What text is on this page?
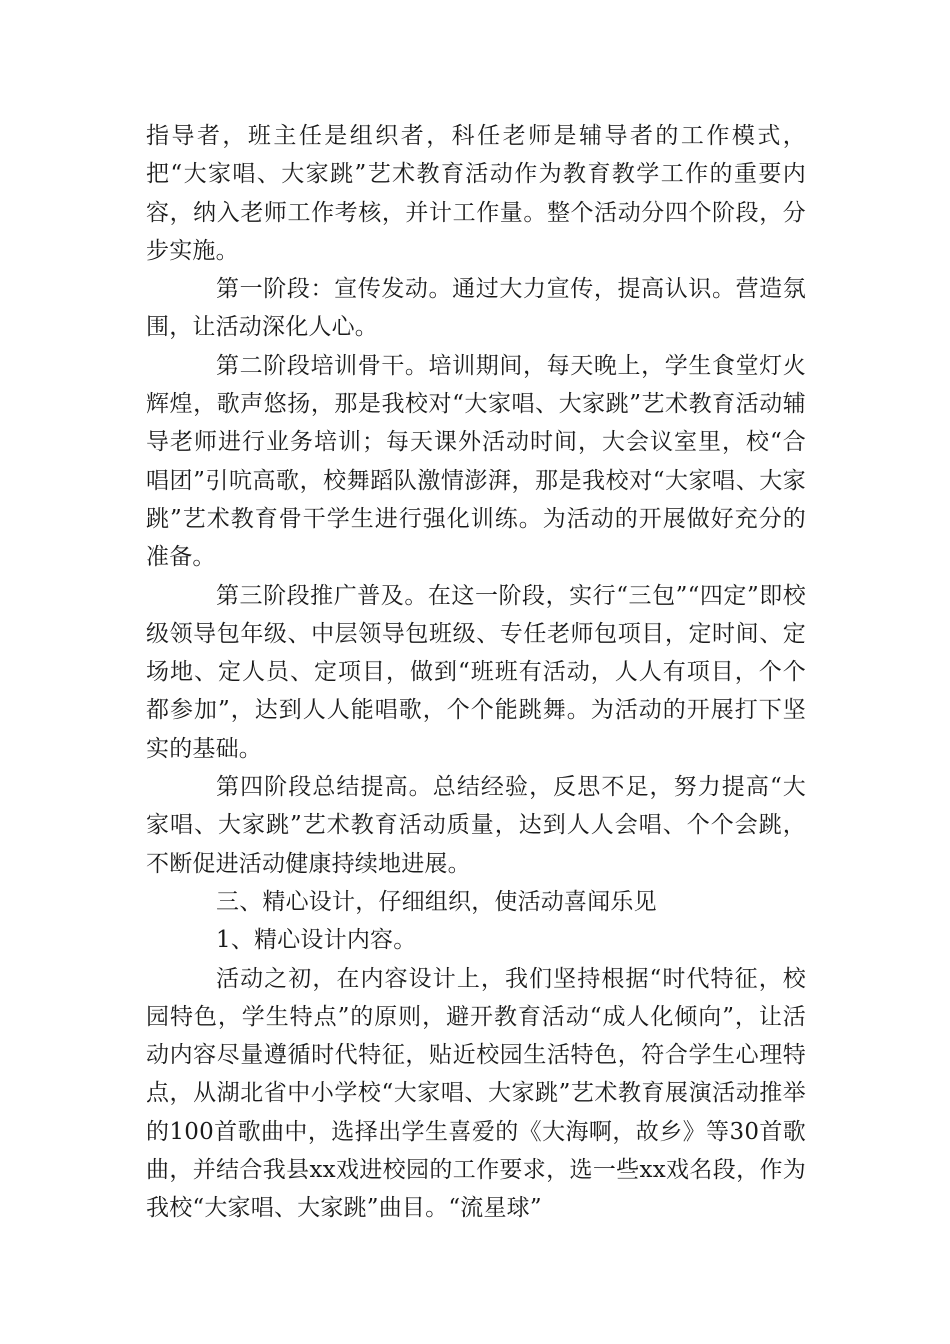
指导者，班主任是组织者，科任老师是辅导者的工作模式，把“大家唱、大家跳”艺术教育活动作为教育教学工作的重要内容，纳入老师工作考核，并计工作量。整个活动分四个阶段，分步实施。

第一阶段：宣传发动。通过大力宣传，提高认识。营造氛围，让活动深化人心。

第二阶段培训骨干。培训期间，每天晚上，学生食堂灯火辉煌，歌声悠扬，那是我校对“大家唱、大家跳”艺术教育活动辅导老师进行业务培训；每天课外活动时间，大会议室里，校“合唱团”引吭高歌，校舞蹈队激情澎湃，那是我校对“大家唱、大家跳”艺术教育骨干学生进行强化训练。为活动的开展做好充分的准备。

第三阶段推广普及。在这一阶段，实行“三包”“四定”即校级领导包年级、中层领导包班级、专任老师包项目，定时间、定场地、定人员、定项目，做到“班班有活动，人人有项目，个个都参加”，达到人人能唱歌，个个能跳舞。为活动的开展打下坚实的基础。

第四阶段总结提高。总结经验，反思不足，努力提高“大家唱、大家跳”艺术教育活动质量，达到人人会唱、个个会跳，不断促进活动健康持续地进展。

三、精心设计，仔细组织，使活动喜闻乐见

1、精心设计内容。

活动之初，在内容设计上，我们坚持根据“时代特征，校园特色，学生特点”的原则，避开教育活动“成人化倾向”，让活动内容尽量遵循时代特征，贴近校园生活特色，符合学生心理特点，从湖北省中小学校“大家唱、大家跳”艺术教育展演活动推举的100首歌曲中，选择出学生喜爱的《大海啊，故乡》等30首歌曲，并结合我县xx戏进校园的工作要求，选一些xx戏名段，作为我校“大家唱、大家跳”曲目。“流星球”
